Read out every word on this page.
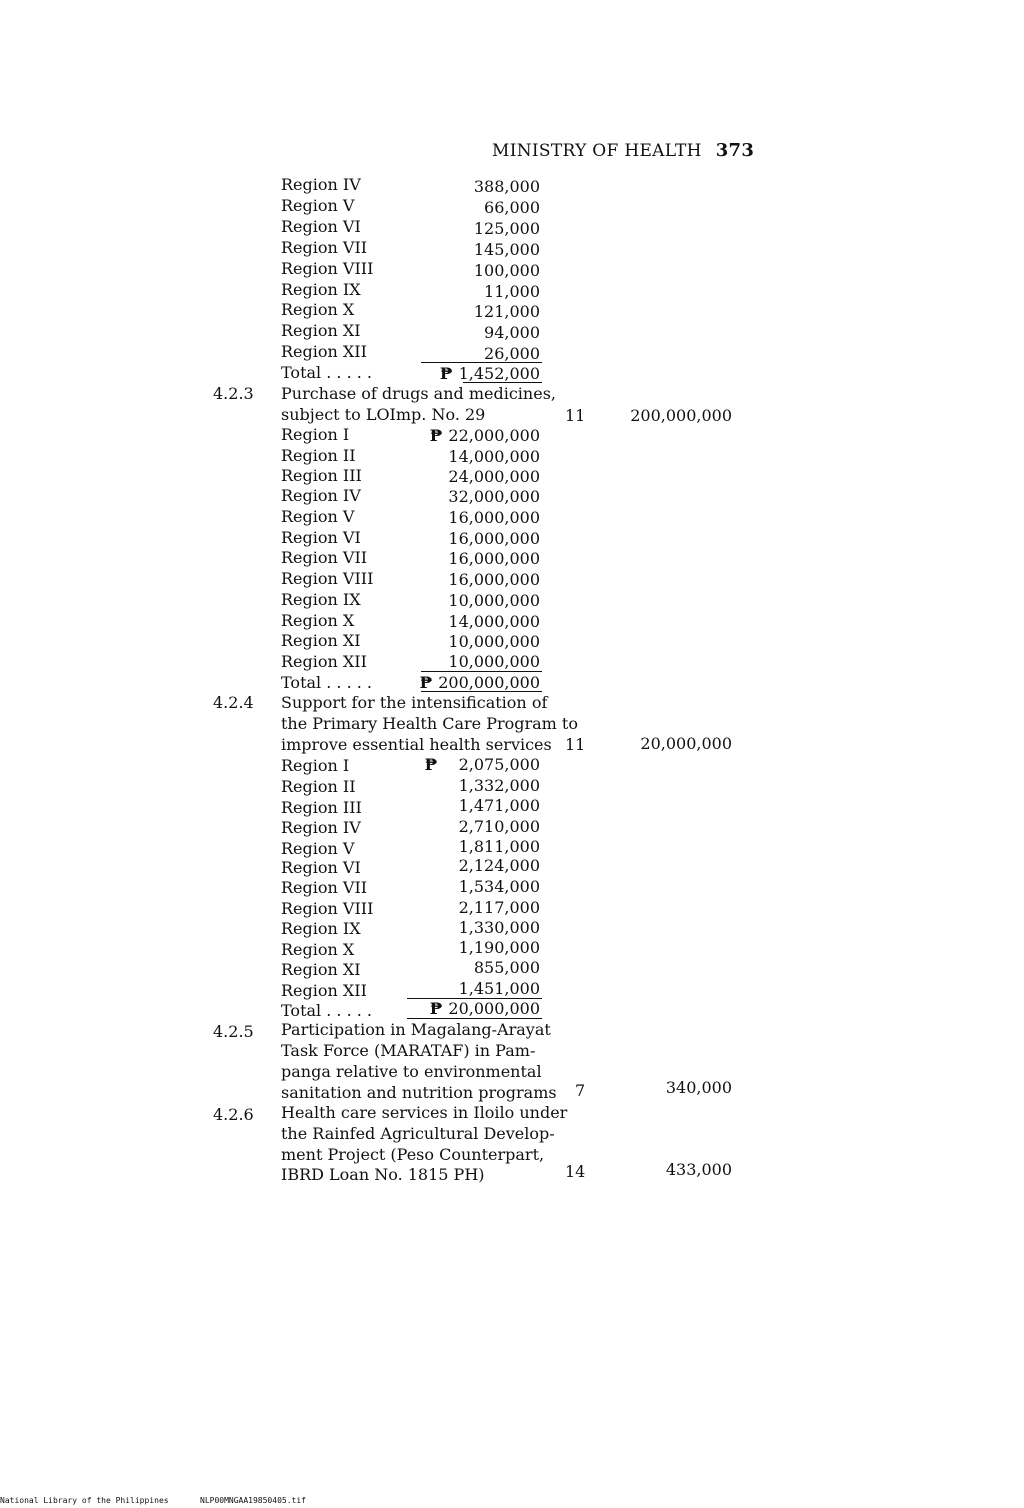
MINISTRY OF HEALTH 373
Region IV	388,000
Region V	66,000
Region VI	125,000
Region VII	145,000
Region VIII	100,000
Region IX	11,000
Region X	121,000
Region XI	94,000
Region XII	26,000
Total . . . . .	₱ 1,452,000
4.2.3 Purchase of drugs and medicines,
subject to LOImp. No. 29	11	200,000,000
Region I	₱ 22,000,000
Region II	14,000,000
Region III	24,000,000
Region IV	32,000,000
Region V	16,000,000
Region VI	16,000,000
Region VII	16,000,000
Region VIII	16,000,000
Region IX	10,000,000
Region X	14,000,000
Region XI	10,000,000
Region XII	10,000,000
Total . . . . .	₱ 200,000,000
4.2.4 Support for the intensification of
the Primary Health Care Program to
improve essential health services 11	20,000,000
Region I	₱ 2,075,000
Region II	1,332,000
Region III	1,471,000
Region IV	2,710,000
Region V	1,811,000
Region VI	2,124,000
Region VII	1,534,000
Region VIII	2,117,000
Region IX	1,330,000
Region X	1,190,000
Region XI	855,000
Region XII	1,451,000
Total . . . . .	₱ 20,000,000
4.2.5 Participation in Magalang-Arayat
Task Force (MARATAF) in Pam-
panga relative to environmental
sanitation and nutrition programs 7	340,000
4.2.6 Health care services in Iloilo under
the Rainfed Agricultural Develop-
ment Project (Peso Counterpart,
IBRD Loan No. 1815 PH)	14	433,000
National Library of the Philippines	NLP00MNGAA19850405.tif
